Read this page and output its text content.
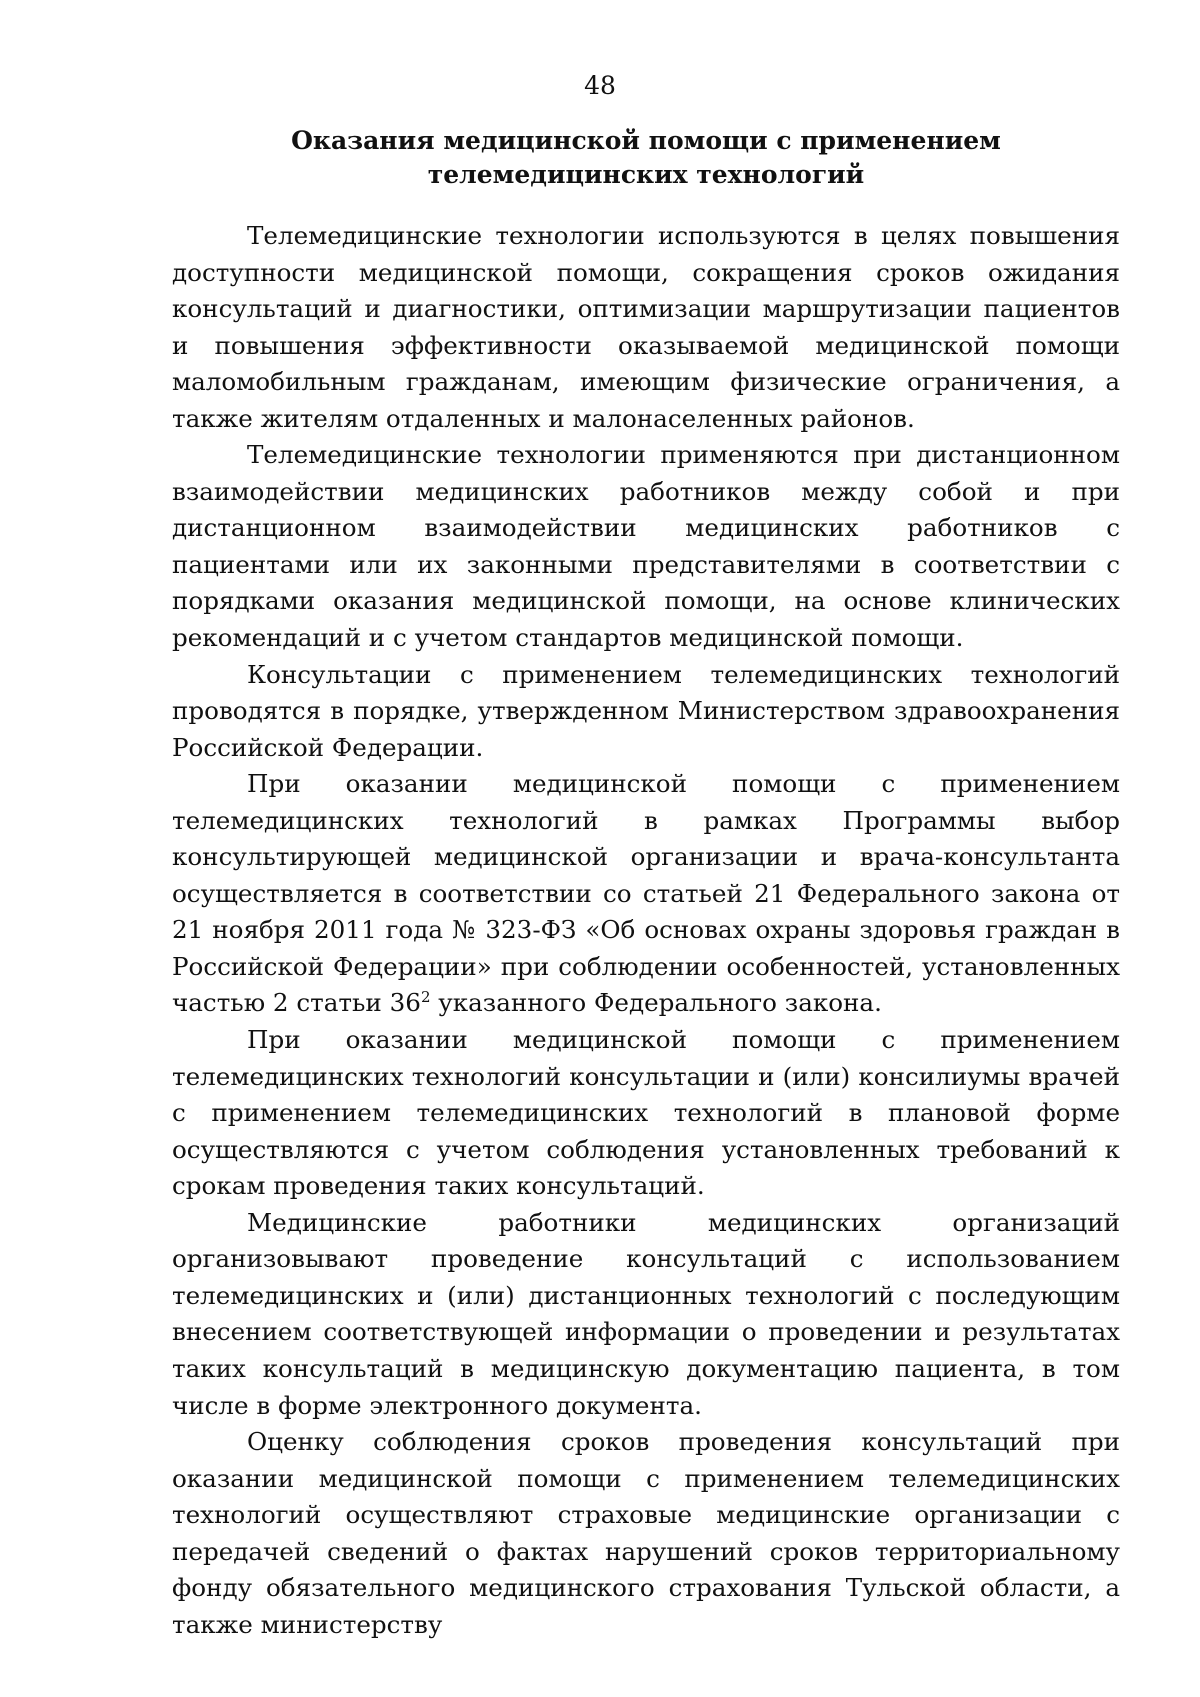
48
Оказания медицинской помощи с применением
телемедицинских технологий

Телемедицинские технологии используются в целях повышения доступности медицинской помощи, сокращения сроков ожидания консультаций и диагностики, оптимизации маршрутизации пациентов и повышения эффективности оказываемой медицинской помощи маломобильным гражданам, имеющим физические ограничения, а также жителям отдаленных и малонаселенных районов.

Телемедицинские технологии применяются при дистанционном взаимодействии медицинских работников между собой и при дистанционном взаимодействии медицинских работников с пациентами или их законными представителями в соответствии с порядками оказания медицинской помощи, на основе клинических рекомендаций и с учетом стандартов медицинской помощи.

Консультации с применением телемедицинских технологий проводятся в порядке, утвержденном Министерством здравоохранения Российской Федерации.

При оказании медицинской помощи с применением телемедицинских технологий в рамках Программы выбор консультирующей медицинской организации и врача-консультанта осуществляется в соответствии со статьей 21 Федерального закона от 21 ноября 2011 года № 323-ФЗ «Об основах охраны здоровья граждан в Российской Федерации» при соблюдении особенностей, установленных частью 2 статьи $36^2$ указанного Федерального закона.

При оказании медицинской помощи с применением телемедицинских технологий консультации и (или) консилиумы врачей с применением телемедицинских технологий в плановой форме осуществляются с учетом соблюдения установленных требований к срокам проведения таких консультаций.

Медицинские работники медицинских организаций организовывают проведение консультаций с использованием телемедицинских и (или) дистанционных технологий с последующим внесением соответствующей информации о проведении и результатах таких консультаций в медицинскую документацию пациента, в том числе в форме электронного документа.

Оценку соблюдения сроков проведения консультаций при оказании медицинской помощи с применением телемедицинских технологий осуществляют страховые медицинские организации с передачей сведений о фактах нарушений сроков территориальному фонду обязательного медицинского страхования Тульской области, а также министерству
